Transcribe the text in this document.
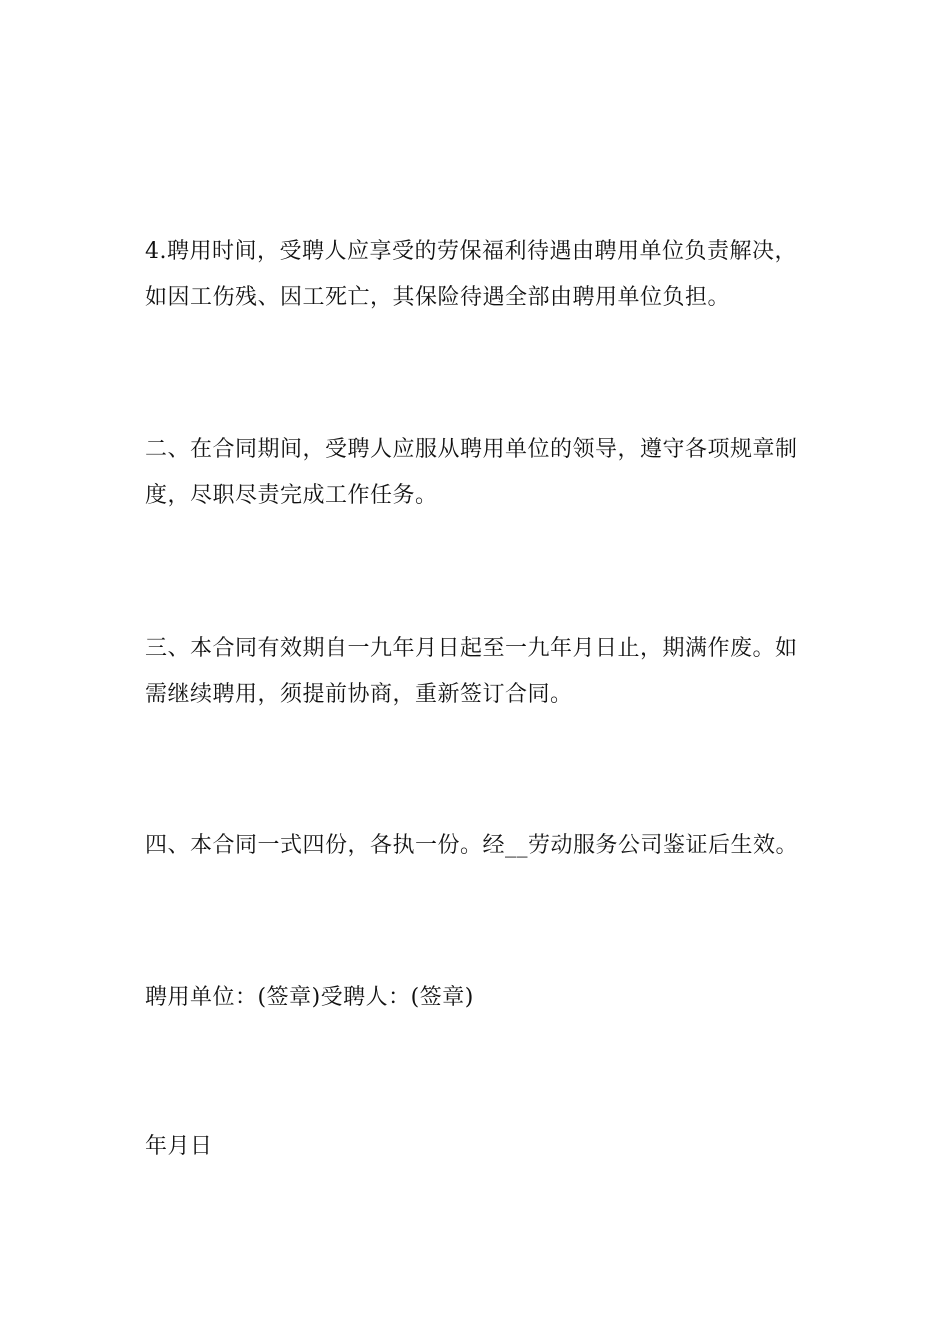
4.聘用时间，受聘人应享受的劳保福利待遇由聘用单位负责解决，
如因工伤残、因工死亡，其保险待遇全部由聘用单位负担。

二、在合同期间，受聘人应服从聘用单位的领导，遵守各项规章制
度，尽职尽责完成工作任务。

三、本合同有效期自一九年月日起至一九年月日止，期满作废。如
需继续聘用，须提前协商，重新签订合同。

四、本合同一式四份，各执一份。经__劳动服务公司鉴证后生效。

聘用单位：(签章)受聘人：(签章)

年月日
